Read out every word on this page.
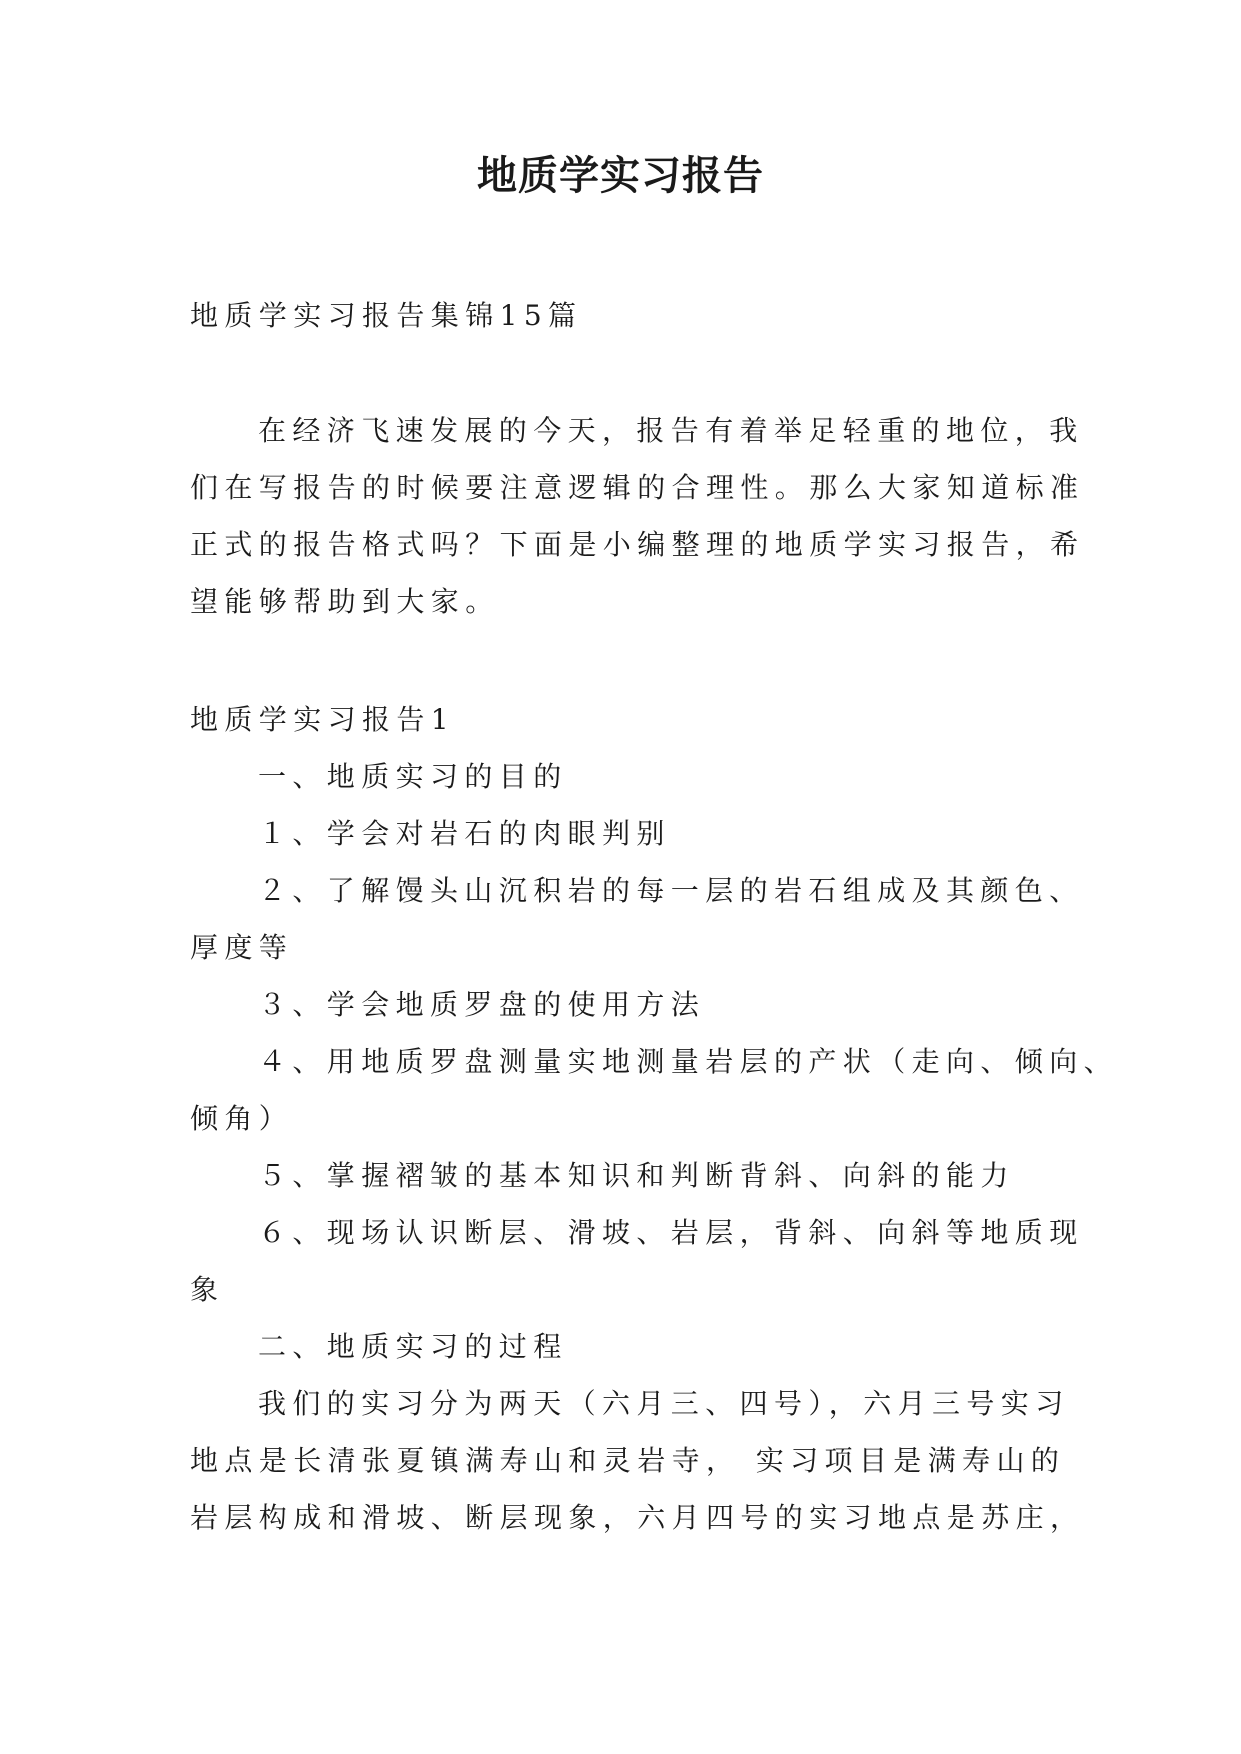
地质学实习报告
地质学实习报告集锦15篇
在经济飞速发展的今天，报告有着举足轻重的地位，我
们在写报告的时候要注意逻辑的合理性。那么大家知道标准
正式的报告格式吗？下面是小编整理的地质学实习报告，希
望能够帮助到大家。
地质学实习报告1
一、地质实习的目的
１、学会对岩石的肉眼判别
２、了解馒头山沉积岩的每一层的岩石组成及其颜色、
厚度等
３、学会地质罗盘的使用方法
４、用地质罗盘测量实地测量岩层的产状（走向、倾向、
倾角）
５、掌握褶皱的基本知识和判断背斜、向斜的能力
６、现场认识断层、滑坡、岩层，背斜、向斜等地质现
象
二、地质实习的过程
我们的实习分为两天（六月三、四号），六月三号实习
地点是长清张夏镇满寿山和灵岩寺， 实习项目是满寿山的
岩层构成和滑坡、断层现象，六月四号的实习地点是苏庄，
